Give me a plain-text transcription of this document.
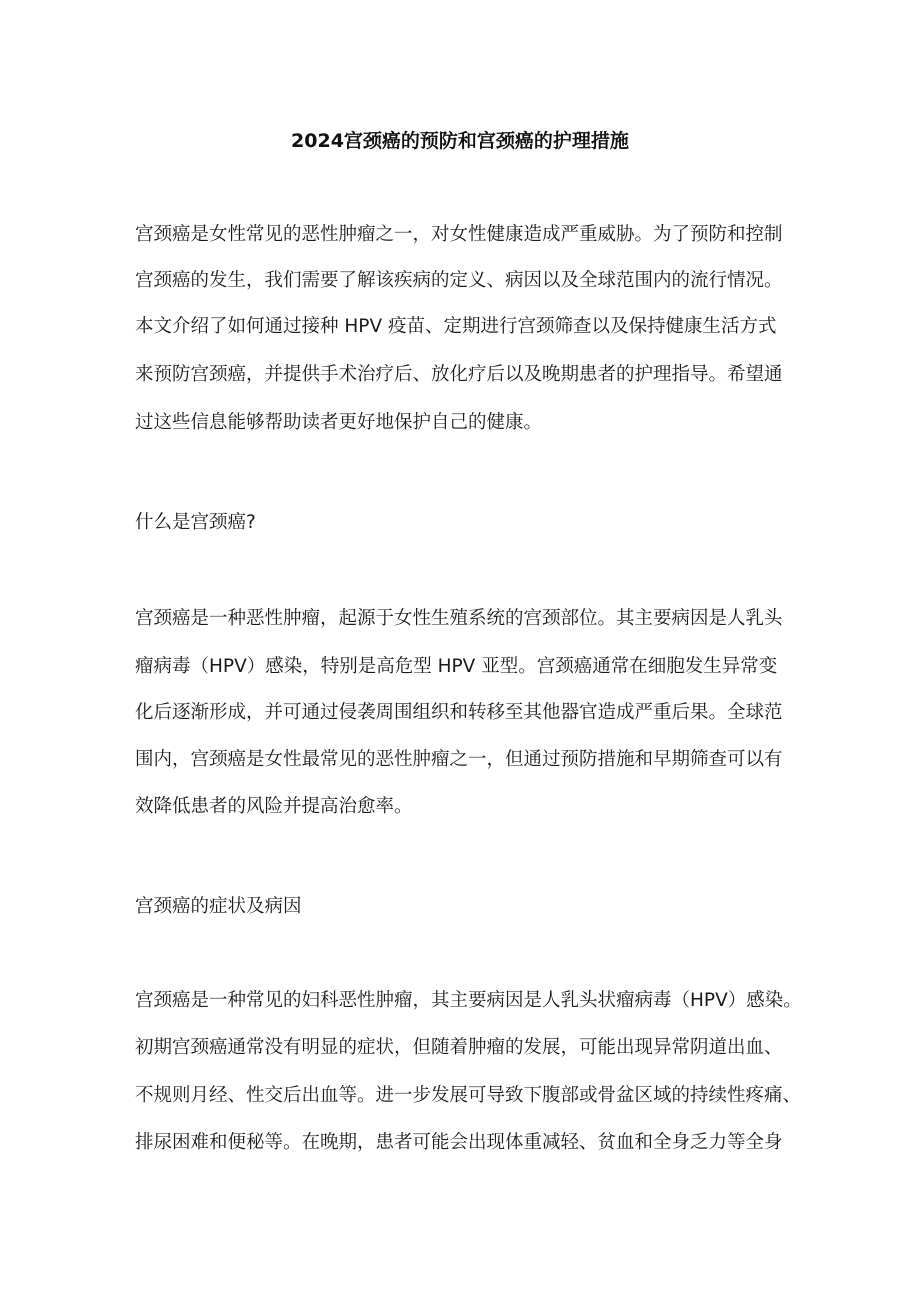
2024宫颈癌的预防和宫颈癌的护理措施
宫颈癌是女性常见的恶性肿瘤之一，对女性健康造成严重威胁。为了预防和控制
宫颈癌的发生，我们需要了解该疾病的定义、病因以及全球范围内的流行情况。
本文介绍了如何通过接种 HPV 疫苗、定期进行宫颈筛查以及保持健康生活方式
来预防宫颈癌，并提供手术治疗后、放化疗后以及晚期患者的护理指导。希望通
过这些信息能够帮助读者更好地保护自己的健康。
什么是宫颈癌?
宫颈癌是一种恶性肿瘤，起源于女性生殖系统的宫颈部位。其主要病因是人乳头
瘤病毒（HPV）感染，特别是高危型 HPV 亚型。宫颈癌通常在细胞发生异常变
化后逐渐形成，并可通过侵袭周围组织和转移至其他器官造成严重后果。全球范
围内，宫颈癌是女性最常见的恶性肿瘤之一，但通过预防措施和早期筛查可以有
效降低患者的风险并提高治愈率。
宫颈癌的症状及病因
宫颈癌是一种常见的妇科恶性肿瘤，其主要病因是人乳头状瘤病毒（HPV）感染。
初期宫颈癌通常没有明显的症状，但随着肿瘤的发展，可能出现异常阴道出血、
不规则月经、性交后出血等。进一步发展可导致下腹部或骨盆区域的持续性疼痛、
排尿困难和便秘等。在晚期，患者可能会出现体重减轻、贫血和全身乏力等全身
